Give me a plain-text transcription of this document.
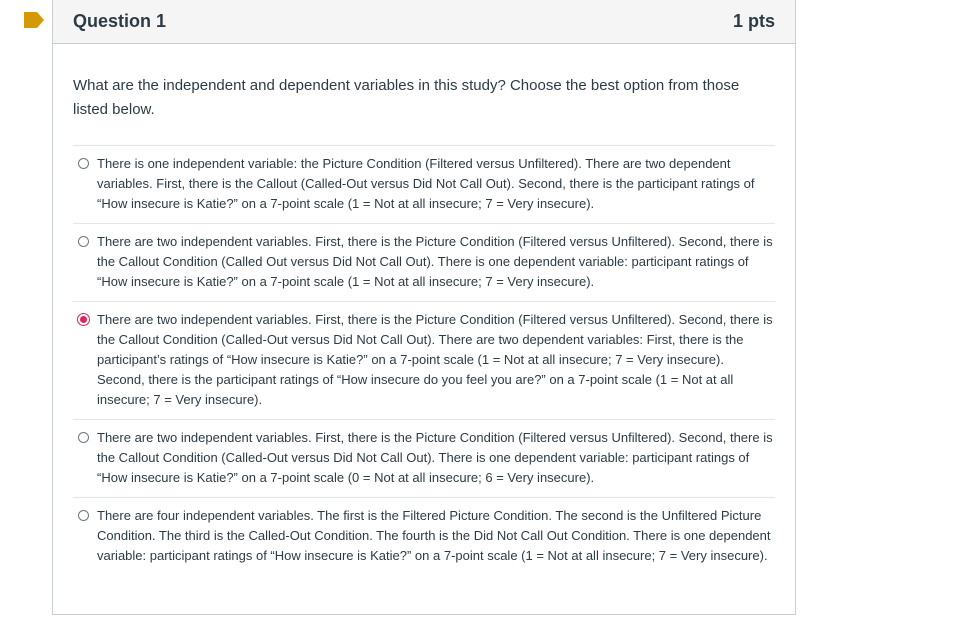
Question 1	1 pts

What are the independent and dependent variables in this study? Choose the best option from those listed below.

There is one independent variable: the Picture Condition (Filtered versus Unfiltered). There are two dependent variables. First, there is the Callout (Called-Out versus Did Not Call Out). Second, there is the participant ratings of “How insecure is Katie?” on a 7-point scale (1 = Not at all insecure; 7 = Very insecure).
There are two independent variables. First, there is the Picture Condition (Filtered versus Unfiltered). Second, there is the Callout Condition (Called Out versus Did Not Call Out). There is one dependent variable: participant ratings of “How insecure is Katie?” on a 7-point scale (1 = Not at all insecure; 7 = Very insecure).
There are two independent variables. First, there is the Picture Condition (Filtered versus Unfiltered). Second, there is the Callout Condition (Called-Out versus Did Not Call Out). There are two dependent variables: First, there is the participant’s ratings of “How insecure is Katie?” on a 7-point scale (1 = Not at all insecure; 7 = Very insecure). Second, there is the participant ratings of “How insecure do you feel you are?” on a 7-point scale (1 = Not at all insecure; 7 = Very insecure).
There are two independent variables. First, there is the Picture Condition (Filtered versus Unfiltered). Second, there is the Callout Condition (Called-Out versus Did Not Call Out). There is one dependent variable: participant ratings of “How insecure is Katie?” on a 7-point scale (0 = Not at all insecure; 6 = Very insecure).
There are four independent variables. The first is the Filtered Picture Condition. The second is the Unfiltered Picture Condition. The third is the Called-Out Condition. The fourth is the Did Not Call Out Condition. There is one dependent variable: participant ratings of “How insecure is Katie?” on a 7-point scale (1 = Not at all insecure; 7 = Very insecure).
